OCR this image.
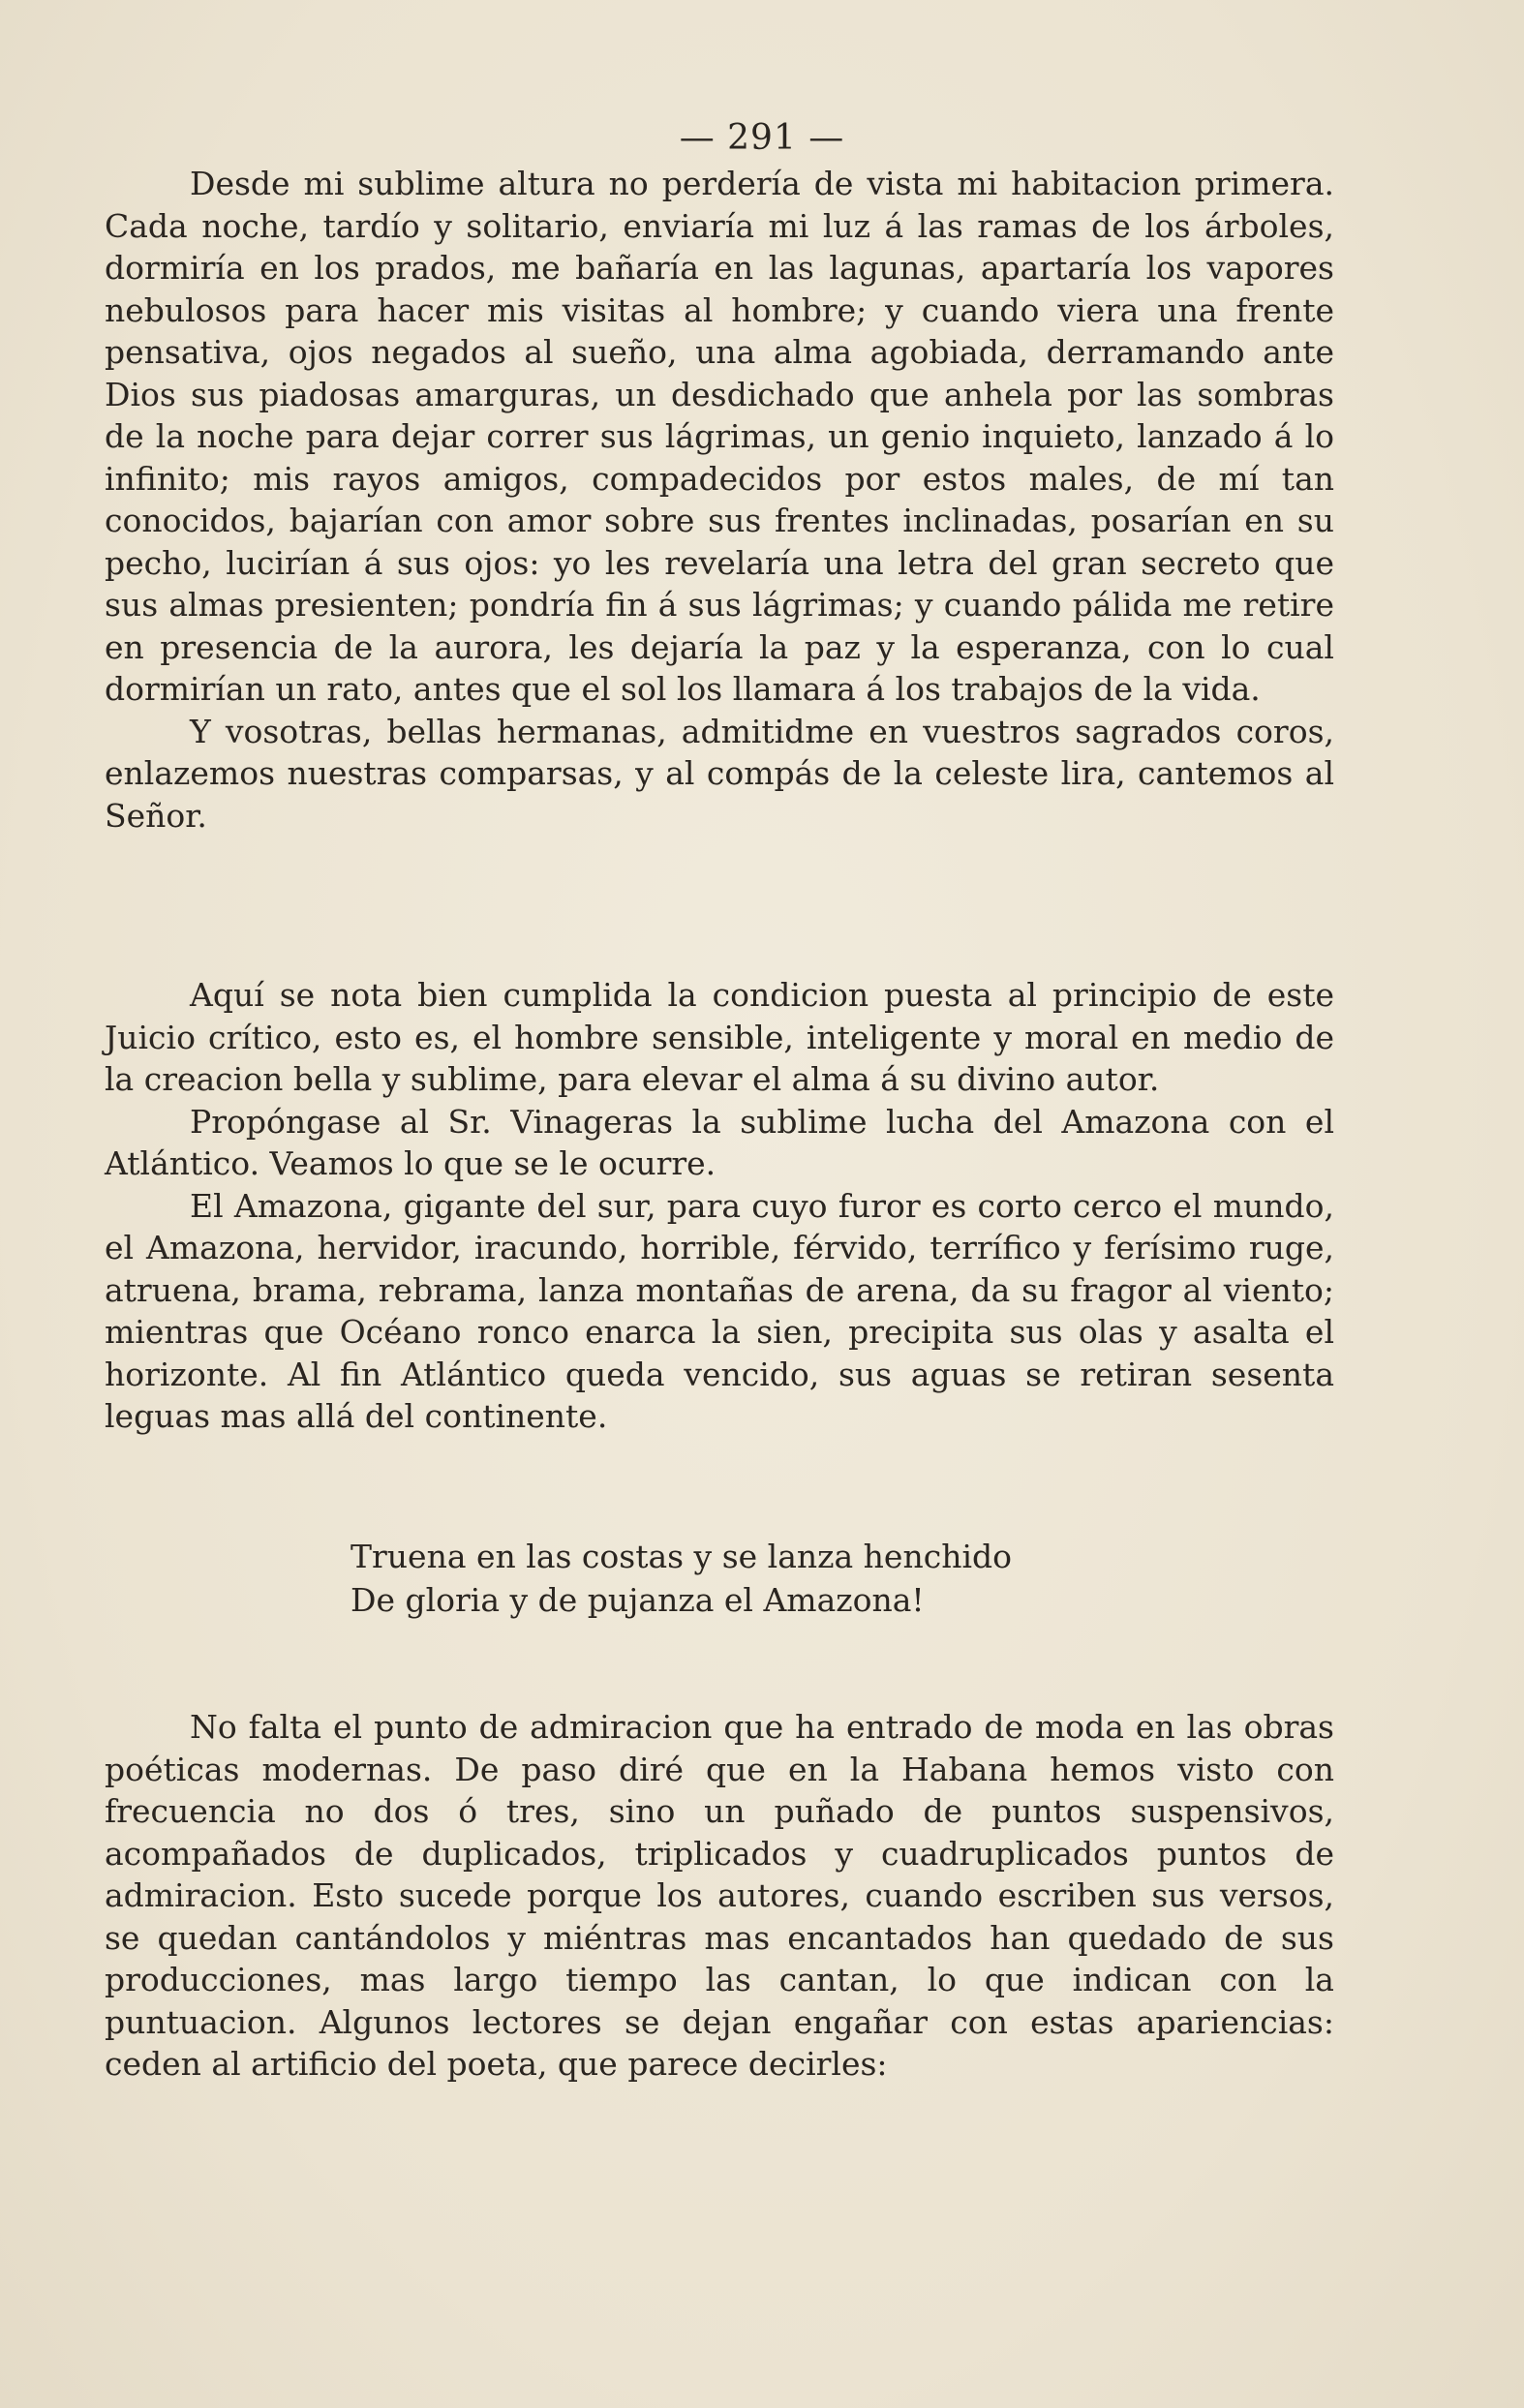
— 291 —

Desde mi sublime altura no perdería de vista mi habitacion primera. Cada noche, tardío y solitario, enviaría mi luz á las ramas de los árboles, dormiría en los prados, me bañaría en las lagunas, apartaría los vapores nebulosos para hacer mis visitas al hombre; y cuando viera una frente pensativa, ojos negados al sueño, una alma agobiada, derramando ante Dios sus piadosas amarguras, un desdichado que anhela por las sombras de la noche para dejar correr sus lágrimas, un genio inquieto, lanzado á lo infinito; mis rayos amigos, compadecidos por estos males, de mí tan conocidos, bajarían con amor sobre sus frentes inclinadas, posarían en su pecho, lucirían á sus ojos: yo les revelaría una letra del gran secreto que sus almas presienten; pondría fin á sus lágrimas; y cuando pálida me retire en presencia de la aurora, les dejaría la paz y la esperanza, con lo cual dormirían un rato, antes que el sol los llamara á los trabajos de la vida.

Y vosotras, bellas hermanas, admitidme en vuestros sagrados coros, enlazemos nuestras comparsas, y al compás de la celeste lira, cantemos al Señor.

Aquí se nota bien cumplida la condicion puesta al principio de este Juicio crítico, esto es, el hombre sensible, inteligente y moral en medio de la creacion bella y sublime, para elevar el alma á su divino autor.

Propóngase al Sr. Vinageras la sublime lucha del Amazona con el Atlántico. Veamos lo que se le ocurre.

El Amazona, gigante del sur, para cuyo furor es corto cerco el mundo, el Amazona, hervidor, iracundo, horrible, férvido, terrífico y ferísimo ruge, atruena, brama, rebrama, lanza montañas de arena, da su fragor al viento; mientras que Océano ronco enarca la sien, precipita sus olas y asalta el horizonte. Al fin Atlántico queda vencido, sus aguas se retiran sesenta leguas mas allá del continente.

Truena en las costas y se lanza henchido
De gloria y de pujanza el Amazona!

No falta el punto de admiracion que ha entrado de moda en las obras poéticas modernas. De paso diré que en la Habana hemos visto con frecuencia no dos ó tres, sino un puñado de puntos suspensivos, acompañados de duplicados, triplicados y cuadruplicados puntos de admiracion. Esto sucede porque los autores, cuando escriben sus versos, se quedan cantándolos y miéntras mas encantados han quedado de sus producciones, mas largo tiempo las cantan, lo que indican con la puntuacion. Algunos lectores se dejan engañar con estas apariencias: ceden al artificio del poeta, que parece decirles:
